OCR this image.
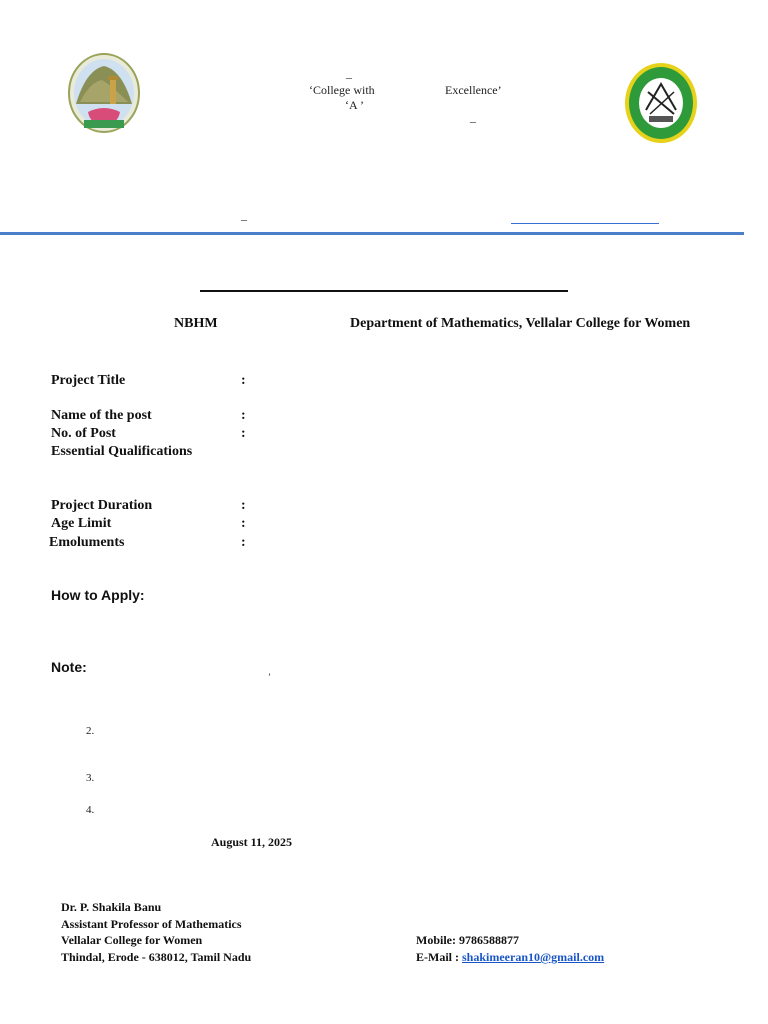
–
‘College with	Excellence’
‘A ’
–
–
NBHM	Department of Mathematics, Vellalar College for Women
Project Title	:
Name of the post	:
No. of Post	:
Essential Qualifications
Project Duration	:
Age Limit	:
Emoluments	:
How to Apply:
Note:
’
2.
3.
4.
August 11, 2025
Dr. P. Shakila Banu
Assistant Professor of Mathematics
Vellalar College for Women
Thindal, Erode - 638012, Tamil Nadu
Mobile: 9786588877
E-Mail : shakimeeran10@gmail.com
